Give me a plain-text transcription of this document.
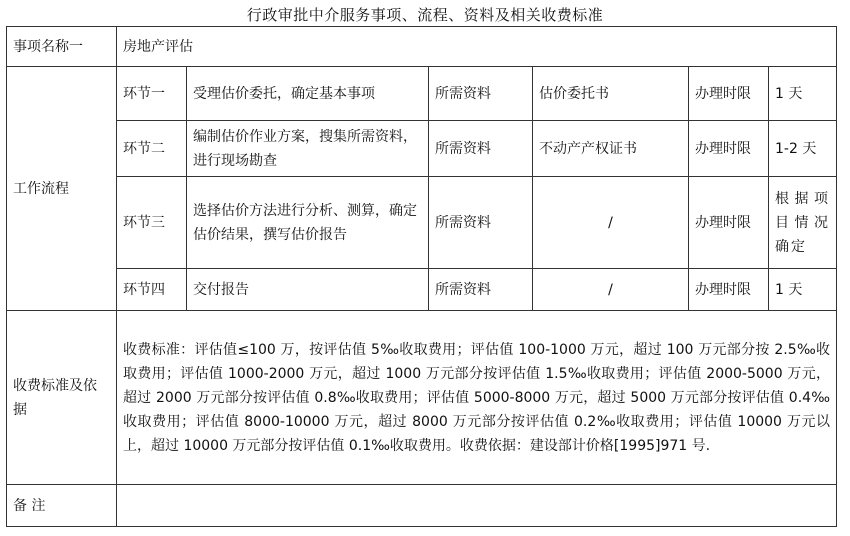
行政审批中介服务事项、流程、资料及相关收费标准
事项名称一	房地产评估					
工作流程	环节一	受理估价委托，确定基本事项	所需资料	估价委托书	办理时限	1 天
	环节二	编制估价作业方案，搜集所需资料，进行现场勘查	所需资料	不动产产权证书	办理时限	1-2 天
	环节三	选择估价方法进行分析、测算，确定估价结果，撰写估价报告	所需资料	/	办理时限	根据项目情况确定
	环节四	交付报告	所需资料	/	办理时限	1 天
收费标准及依据	收费标准：评估值≤100 万，按评估值 5‰收取费用；评估值 100-1000 万元，超过 100 万元部分按 2.5‰收取费用；评估值 1000-2000 万元，超过 1000 万元部分按评估值 1.5‰收取费用；评估值 2000-5000 万元，超过 2000 万元部分按评估值 0.8‰收取费用；评估值 5000-8000 万元，超过 5000 万元部分按评估值 0.4‰收取费用；评估值 8000-10000 万元，超过 8000 万元部分按评估值 0.2‰收取费用；评估值 10000 万元以上，超过 10000 万元部分按评估值 0.1‰收取费用。收费依据：建设部计价格[1995]971 号.					
备 注						
